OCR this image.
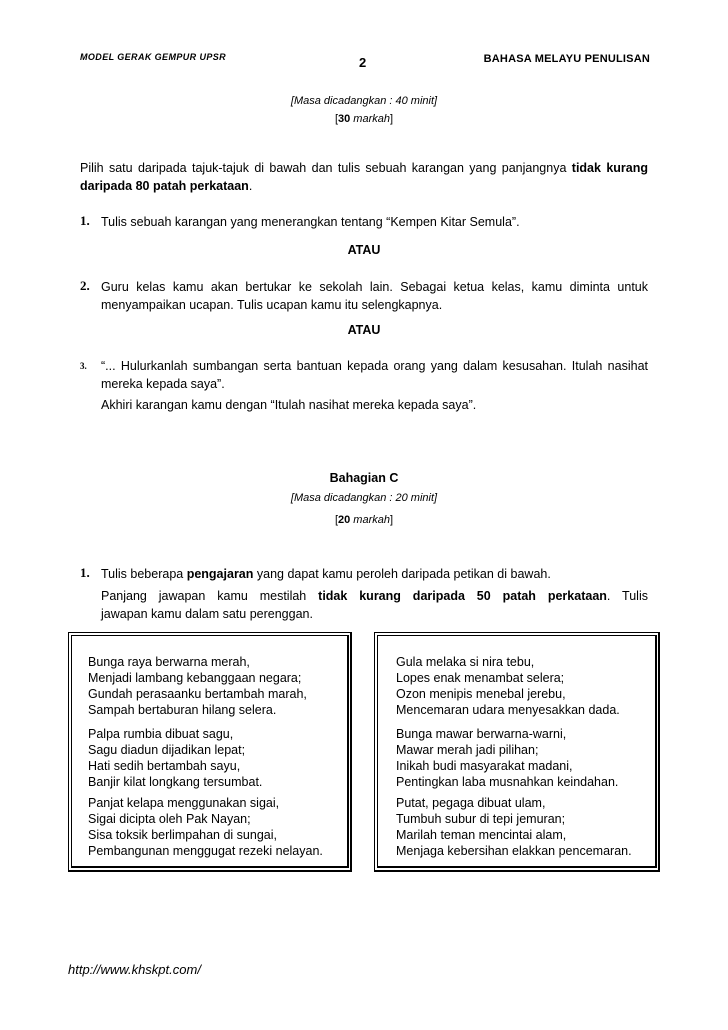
MODEL GERAK GEMPUR UPSR	2	BAHASA MELAYU PENULISAN
[Masa dicadangkan : 40 minit]
[30 markah]
Pilih satu daripada tajuk-tajuk di bawah dan tulis sebuah karangan yang panjangnya tidak kurang daripada 80 patah perkataan.
1. Tulis sebuah karangan yang menerangkan tentang “Kempen Kitar Semula”.
ATAU
2. Guru kelas kamu akan bertukar ke sekolah lain. Sebagai ketua kelas, kamu diminta untuk menyampaikan ucapan. Tulis ucapan kamu itu selengkapnya.
ATAU
3. “... Hulurkanlah sumbangan serta bantuan kepada orang yang dalam kesusahan. Itulah nasihat mereka kepada saya”.
Akhiri karangan kamu dengan “Itulah nasihat mereka kepada saya”.
Bahagian C
[Masa dicadangkan : 20 minit]
[20 markah]
1. Tulis beberapa pengajaran yang dapat kamu peroleh daripada petikan di bawah.
Panjang jawapan kamu mestilah tidak kurang daripada 50 patah perkataan. Tulis
jawapan kamu dalam satu perenggan.
Bunga raya berwarna merah,
Menjadi lambang kebanggaan negara;
Gundah perasaanku bertambah marah,
Sampah bertaburan hilang selera.
Palpa rumbia dibuat sagu,
Sagu diadun dijadikan lepat;
Hati sedih bertambah sayu,
Banjir kilat longkang tersumbat.
Panjat kelapa menggunakan sigai,
Sigai dicipta oleh Pak Nayan;
Sisa toksik berlimpahan di sungai,
Pembangunan menggugat rezeki nelayan.
Gula melaka si nira tebu,
Lopes enak menambat selera;
Ozon menipis menebal jerebu,
Mencemaran udara menyesakkan dada.
Bunga mawar berwarna-warni,
Mawar merah jadi pilihan;
Inikah budi masyarakat madani,
Pentingkan laba musnahkan keindahan.
Putat, pegaga dibuat ulam,
Tumbuh subur di tepi jemuran;
Marilah teman mencintai alam,
Menjaga kebersihan elakkan pencemaran.
http://www.khskpt.com/
